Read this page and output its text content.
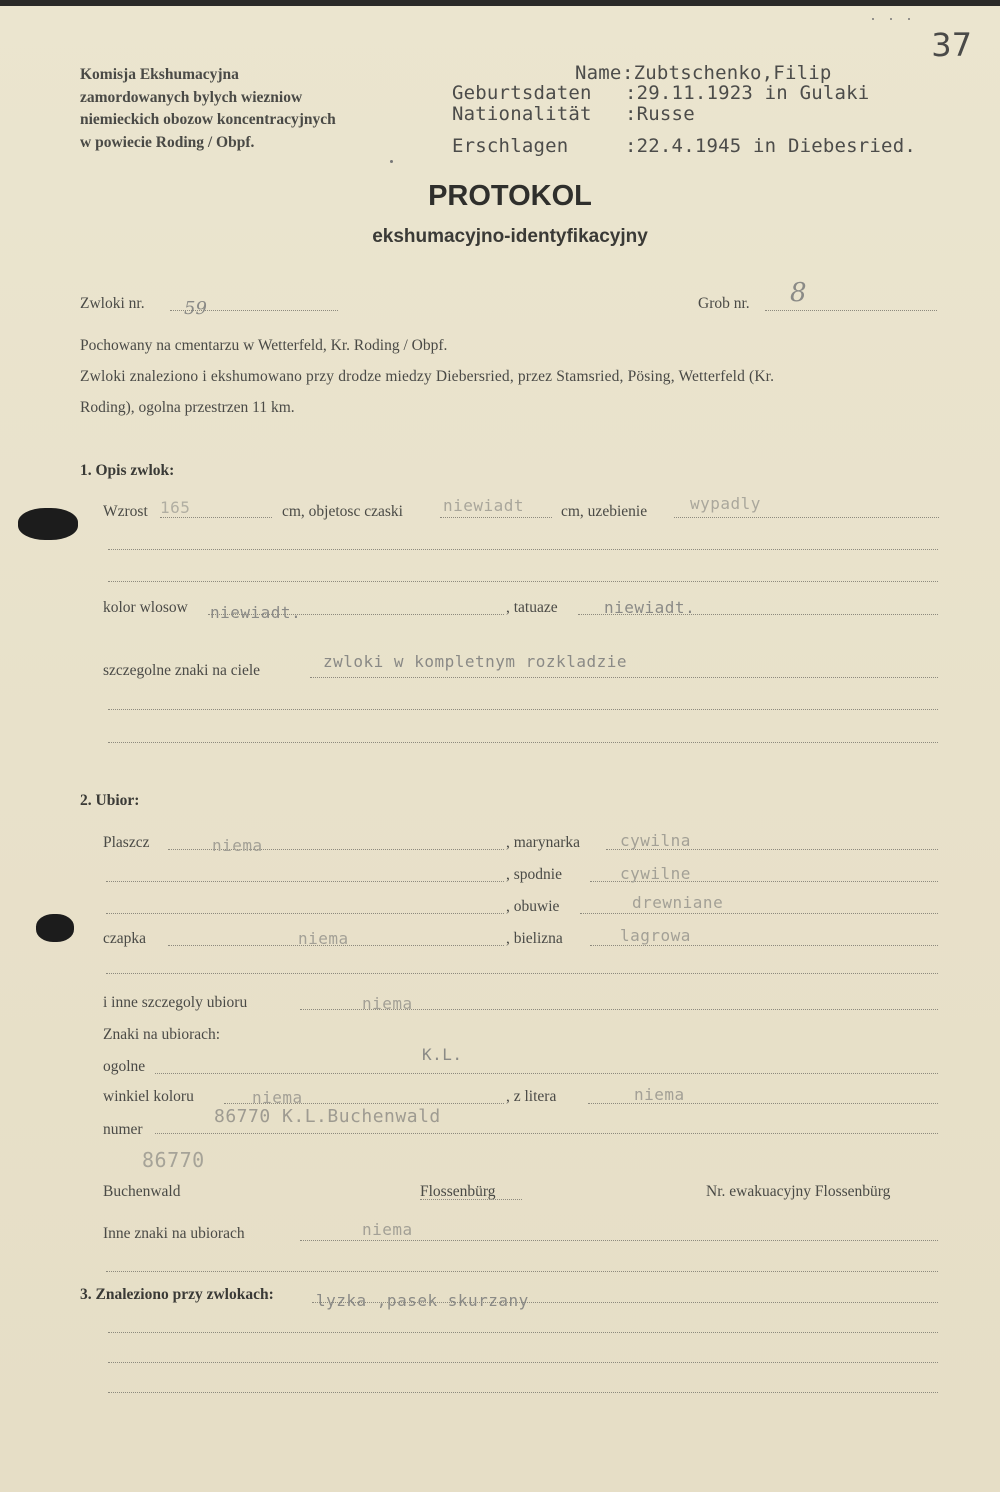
37
Komisja Ekshumacyjna
zamordowanych bylych wiezniow
niemieckich obozow koncentracyjnych
w powiecie Roding / Obpf.
Name :Zubtschenko,Filip
Geburtsdaten :29.11.1923 in Gulaki
Nationalität :Russe
Erschlagen	:22.4.1945 in Diebesried.
PROTOKOL
ekshumacyjno-identyfikacyjny
Zwloki nr. 59	Grob nr. 8
Pochowany na cmentarzu w Wetterfeld, Kr. Roding / Obpf.
Zwloki znaleziono i ekshumowano przy drodze miedzy Diebersried, przez Stamsried, Pösing, Wetterfeld (Kr.
Roding), ogolna przestrzen 11 km.
1. Opis zwlok:
Wzrost 165	cm, objetosc czaski	niewiadt cm, uzebienie	wypadly
kolor wlosow niewiadt.	, tatuaze	niewiadt.
szczegolne znaki na ciele	zwloki w kompletnym rozkladzie
2. Ubior:
Plaszcz	niema	, marynarka cywilna
, spodnie	cywilne
, obuwie	drewniane
czapka	niema	, bielizna	lagrowa
i inne szczegoly ubioru	niema
Znaki na ubiorach:
ogolne
K.L.
winkiel koloru	niema	, z litera	niema
numer
86770 K.L.Buchenwald
86770
Buchenwald	Flossenbürg	Nr. ewakuacyjny Flossenbürg
Inne znaki na ubiorach	niema
3. Znaleziono przy zwlokach:	lyzka ,pasek skurzany
